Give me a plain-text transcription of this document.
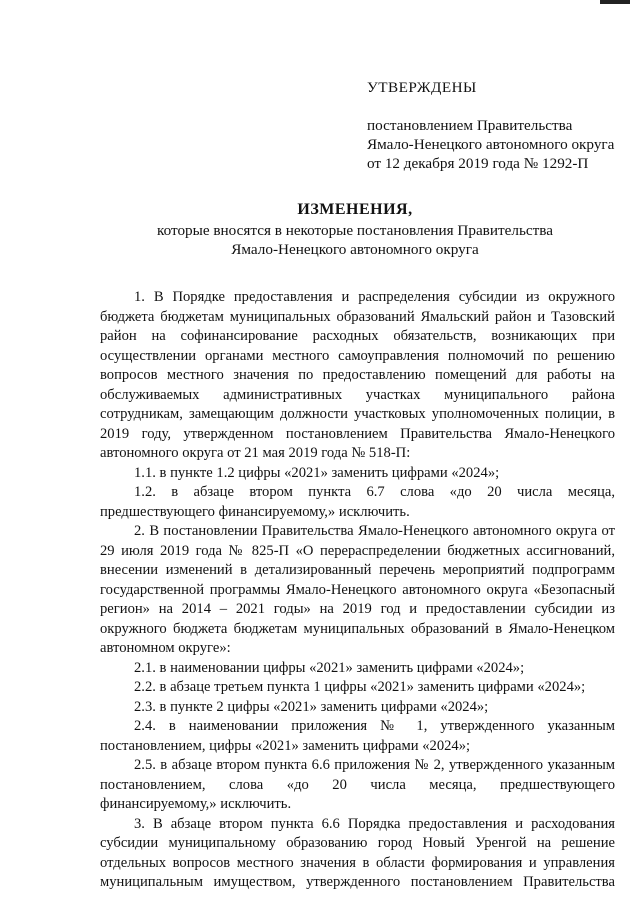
УТВЕРЖДЕНЫ
постановлением Правительства
Ямало-Ненецкого автономного округа
от 12 декабря 2019 года № 1292-П
ИЗМЕНЕНИЯ,
которые вносятся в некоторые постановления Правительства
Ямало-Ненецкого автономного округа
1. В Порядке предоставления и распределения субсидии из окружного бюджета бюджетам муниципальных образований Ямальский район и Тазовский район на софинансирование расходных обязательств, возникающих при осуществлении органами местного самоуправления полномочий по решению вопросов местного значения по предоставлению помещений для работы на обслуживаемых административных участках муниципального района сотрудникам, замещающим должности участковых уполномоченных полиции, в 2019 году, утвержденном постановлением Правительства Ямало-Ненецкого автономного округа от 21 мая 2019 года № 518-П:
1.1. в пункте 1.2 цифры «2021» заменить цифрами «2024»;
1.2. в абзаце втором пункта 6.7 слова «до 20 числа месяца, предшествующего финансируемому,» исключить.
2. В постановлении Правительства Ямало-Ненецкого автономного округа от 29 июля 2019 года № 825-П «О перераспределении бюджетных ассигнований, внесении изменений в детализированный перечень мероприятий подпрограмм государственной программы Ямало-Ненецкого автономного округа «Безопасный регион» на 2014 – 2021 годы» на 2019 год и предоставлении субсидии из окружного бюджета бюджетам муниципальных образований в Ямало-Ненецком автономном округе»:
2.1. в наименовании цифры «2021» заменить цифрами «2024»;
2.2. в абзаце третьем пункта 1 цифры «2021» заменить цифрами «2024»;
2.3. в пункте 2 цифры «2021» заменить цифрами «2024»;
2.4. в наименовании приложения № 1, утвержденного указанным постановлением, цифры «2021» заменить цифрами «2024»;
2.5. в абзаце втором пункта 6.6 приложения № 2, утвержденного указанным постановлением, слова «до 20 числа месяца, предшествующего финансируемому,» исключить.
3. В абзаце втором пункта 6.6 Порядка предоставления и расходования субсидии муниципальному образованию город Новый Уренгой на решение отдельных вопросов местного значения в области формирования и управления муниципальным имуществом, утвержденного постановлением Правительства
